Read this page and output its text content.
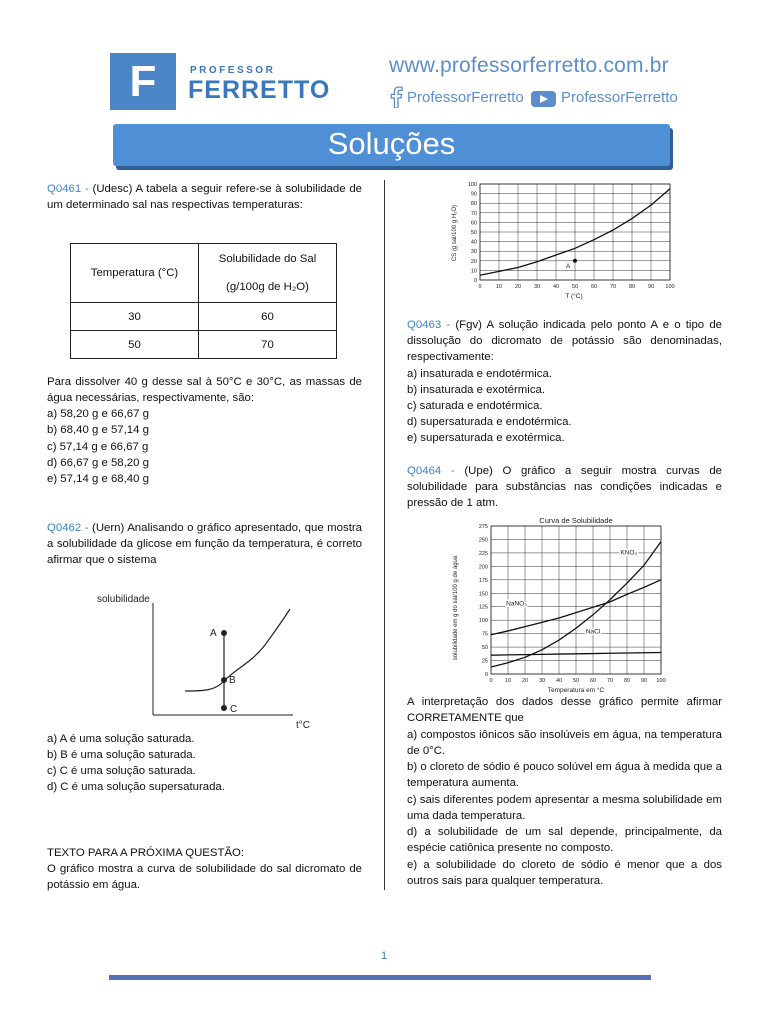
F	PROFESSOR
FERRETTO
www.professorferretto.com.br
ProfessorFerretto ProfessorFerretto
Soluções
Q0461 - (Udesc) A tabela a seguir refere-se à solubilidade de um determinado sal nas respectivas temperaturas:
Temperatura (°C)	Solubilidade do Sal
(g/100g de H₂O)

30	60
50	70
Para dissolver 40 g desse sal à 50°C e 30°C, as massas de água necessárias, respectivamente, são:
a) 58,20 g e 66,67 g
b) 68,40 g e 57,14 g
c) 57,14 g e 66,67 g
d) 66,67 g e 58,20 g
e) 57,14 g e 68,40 g
Q0462 - (Uern) Analisando o gráfico apresentado, que mostra a solubilidade da glicose em função da temperatura, é correto afirmar que o sistema
solubilidade
t°C
A
B
C
a) A é uma solução saturada.
b) B é uma solução saturada.
c) C é uma solução saturada.
d) C é uma solução supersaturada.
TEXTO PARA A PRÓXIMA QUESTÃO:
O gráfico mostra a curva de solubilidade do sal dicromato de potássio em água.
CS (g sal/100 g H₂O)
T (°C)
0	10 20 30 40 50 60 70 80 90 100
0
10
20
30
40
50
60
70
80
90
100
A
Q0463 - (Fgv) A solução indicada pelo ponto A e o tipo de dissolução do dicromato de potássio são denominadas, respectivamente:
a) insaturada e endotérmica.
b) insaturada e exotérmica.
c) saturada e endotérmica.
d) supersaturada e endotérmica.
e) supersaturada e exotérmica.
Q0464 - (Upe) O gráfico a seguir mostra curvas de solubilidade para substâncias nas condições indicadas e pressão de 1 atm.
Curva de Solubilidade
solubilidade em g do sal/100 g de água
Temperatura em °C
0 10 20 30 40 50 60 70 80 90 100
0
25
50
75
100
125
150
175
200
225
250
275
KNO₃
NaNO₃
NaCl
A interpretação dos dados desse gráfico permite afirmar CORRETAMENTE que
a) compostos iônicos são insolúveis em água, na temperatura de 0°C.
b) o cloreto de sódio é pouco solúvel em água à medida que a temperatura aumenta.
c) sais diferentes podem apresentar a mesma solubilidade em uma dada temperatura.
d) a solubilidade de um sal depende, principalmente, da espécie catiônica presente no composto.
e) a solubilidade do cloreto de sódio é menor que a dos outros sais para qualquer temperatura.
1
